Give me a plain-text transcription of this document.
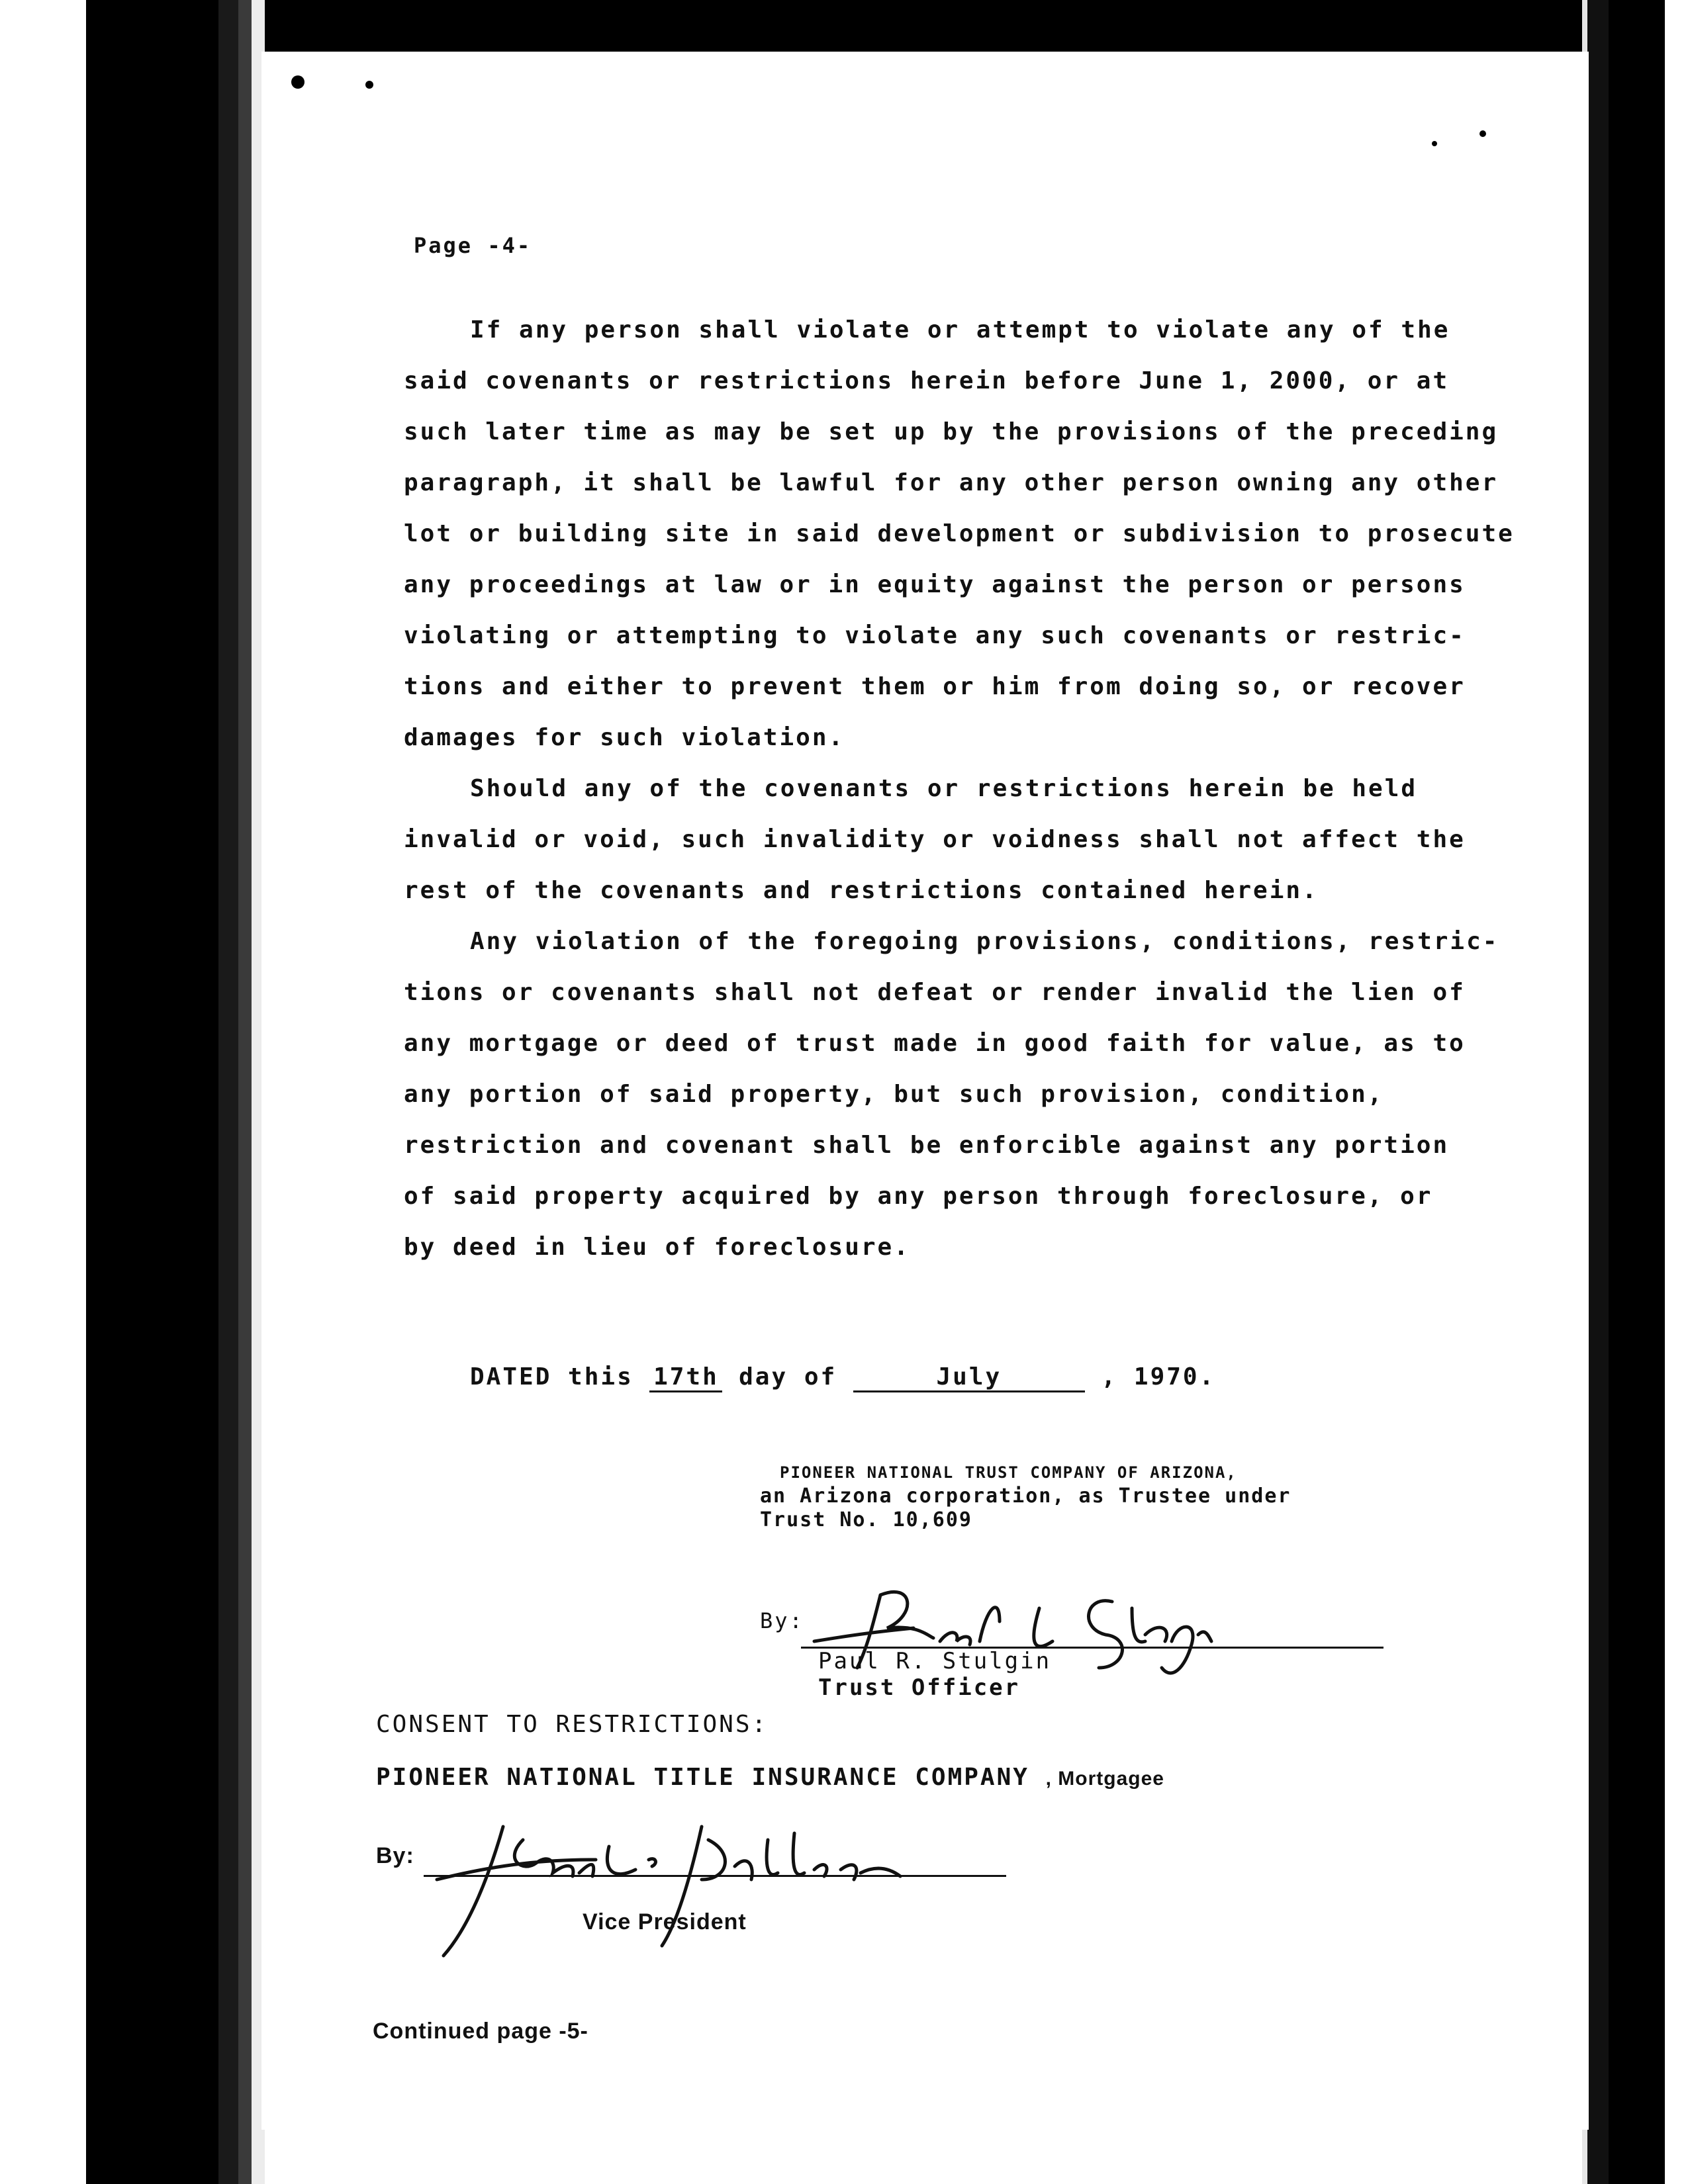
Page -4-
If any person shall violate or attempt to violate any of the
said covenants or restrictions herein before June 1, 2000, or at
such later time as may be set up by the provisions of the preceding
paragraph, it shall be lawful for any other person owning any other
lot or building site in said development or subdivision to prosecute
any proceedings at law or in equity against the person or persons
violating or attempting to violate any such covenants or restric-
tions and either to prevent them or him from doing so, or recover
damages for such violation.
Should any of the covenants or restrictions herein be held
invalid or void, such invalidity or voidness shall not affect the
rest of the covenants and restrictions contained herein.
Any violation of the foregoing provisions, conditions, restric-
tions or covenants shall not defeat or render invalid the lien of
any mortgage or deed of trust made in good faith for value, as to
any portion of said property, but such provision, condition,
restriction and covenant shall be enforcible against any portion
of said property acquired by any person through foreclosure, or
by deed in lieu of foreclosure.
DATED this 17th day of	July	, 1970.
PIONEER NATIONAL TRUST COMPANY OF ARIZONA,
an Arizona corporation, as Trustee under
Trust No. 10,609
By:
Paul R. Stulgin
Trust Officer
CONSENT TO RESTRICTIONS:
PIONEER NATIONAL TITLE INSURANCE COMPANY , Mortgagee
By:
Vice President
Continued page -5-
